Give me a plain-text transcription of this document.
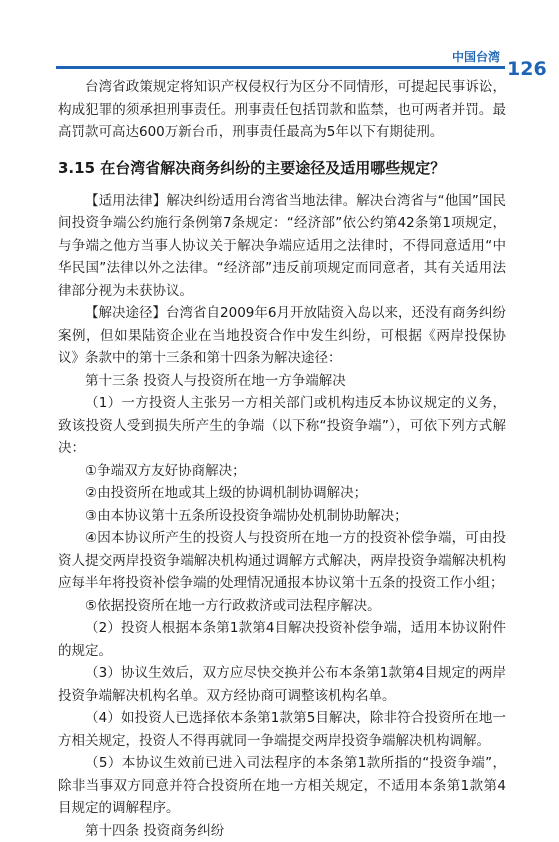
中国台湾
126

台湾省政策规定将知识产权侵权行为区分不同情形，可提起民事诉讼，构成犯罪的须承担刑事责任。刑事责任包括罚款和监禁，也可两者并罚。最高罚款可高达600万新台币，刑事责任最高为5年以下有期徒刑。

3.15 在台湾省解决商务纠纷的主要途径及适用哪些规定？

【适用法律】解决纠纷适用台湾省当地法律。解决台湾省与“他国”国民间投资争端公约施行条例第7条规定：“经济部”依公约第42条第1项规定，与争端之他方当事人协议关于解决争端应适用之法律时，不得同意适用“中华民国”法律以外之法律。“经济部”违反前项规定而同意者，其有关适用法律部分视为未获协议。

【解决途径】台湾省自2009年6月开放陆资入岛以来，还没有商务纠纷案例，但如果陆资企业在当地投资合作中发生纠纷，可根据《两岸投保协议》条款中的第十三条和第十四条为解决途径：

第十三条 投资人与投资所在地一方争端解决

（1）一方投资人主张另一方相关部门或机构违反本协议规定的义务，致该投资人受到损失所产生的争端（以下称“投资争端”），可依下列方式解决：

①争端双方友好协商解决；

②由投资所在地或其上级的协调机制协调解决；

③由本协议第十五条所设投资争端协处机制协助解决；

④因本协议所产生的投资人与投资所在地一方的投资补偿争端，可由投资人提交两岸投资争端解决机构通过调解方式解决，两岸投资争端解决机构应每半年将投资补偿争端的处理情况通报本协议第十五条的投资工作小组；

⑤依据投资所在地一方行政救济或司法程序解决。

（2）投资人根据本条第1款第4目解决投资补偿争端，适用本协议附件的规定。

（3）协议生效后，双方应尽快交换并公布本条第1款第4目规定的两岸投资争端解决机构名单。双方经协商可调整该机构名单。

（4）如投资人已选择依本条第1款第5目解决，除非符合投资所在地一方相关规定，投资人不得再就同一争端提交两岸投资争端解决机构调解。

（5）本协议生效前已进入司法程序的本条第1款所指的“投资争端”，除非当事双方同意并符合投资所在地一方相关规定，不适用本条第1款第4目规定的调解程序。

第十四条 投资商务纠纷
